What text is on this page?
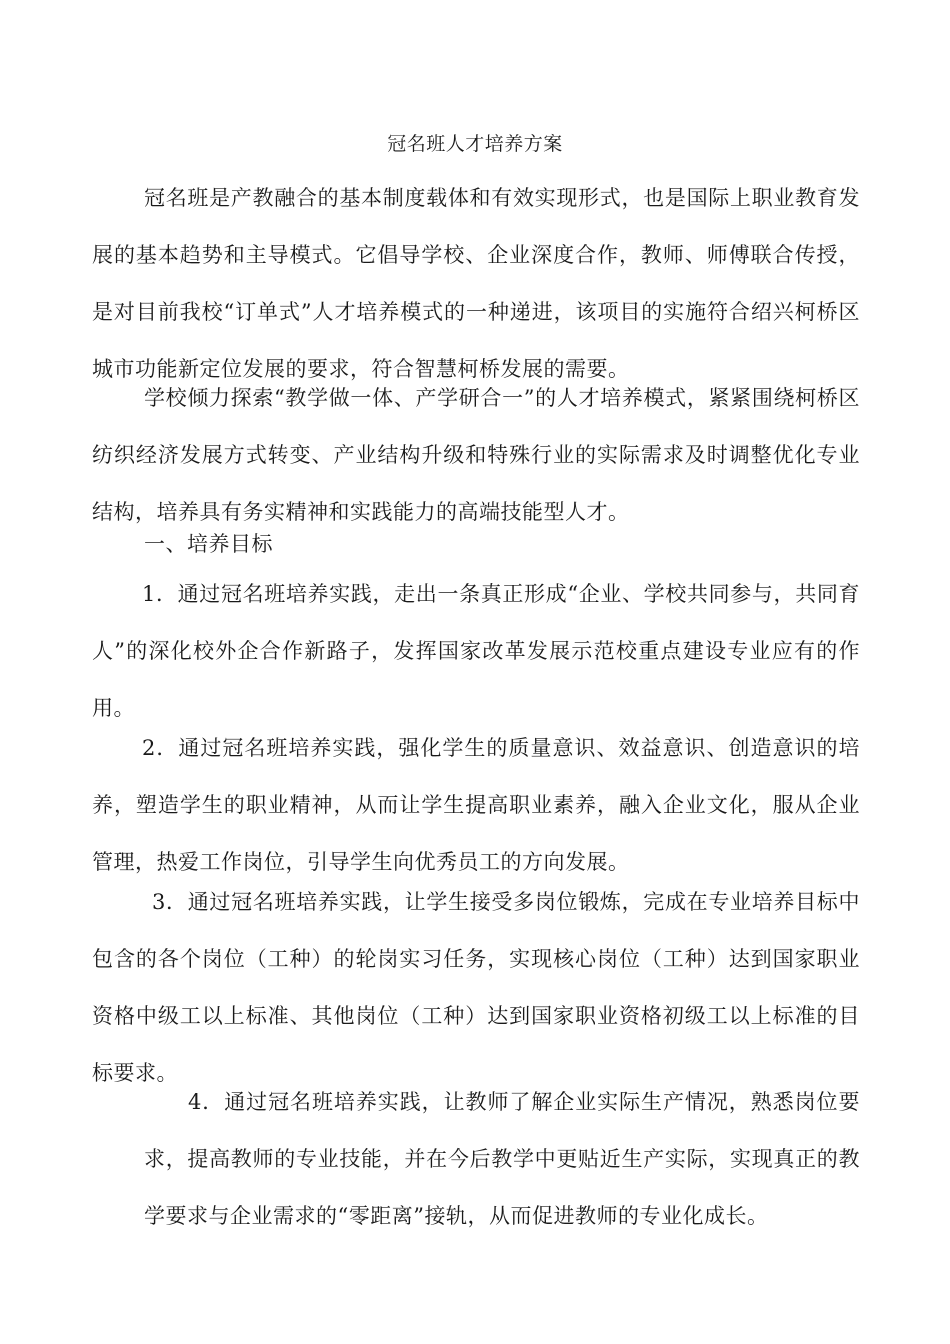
冠名班人才培养方案

冠名班是产教融合的基本制度载体和有效实现形式，也是国际上职业教育发展的基本趋势和主导模式。它倡导学校、企业深度合作，教师、师傅联合传授，是对目前我校“订单式”人才培养模式的一种递进，该项目的实施符合绍兴柯桥区城市功能新定位发展的要求，符合智慧柯桥发展的需要。

学校倾力探索“教学做一体、产学研合一”的人才培养模式，紧紧围绕柯桥区纺织经济发展方式转变、产业结构升级和特殊行业的实际需求及时调整优化专业结构，培养具有务实精神和实践能力的高端技能型人才。

一、培养目标

1．通过冠名班培养实践，走出一条真正形成“企业、学校共同参与，共同育人”的深化校外企合作新路子，发挥国家改革发展示范校重点建设专业应有的作用。

2．通过冠名班培养实践，强化学生的质量意识、效益意识、创造意识的培养，塑造学生的职业精神，从而让学生提高职业素养，融入企业文化，服从企业管理，热爱工作岗位，引导学生向优秀员工的方向发展。

3．通过冠名班培养实践，让学生接受多岗位锻炼，完成在专业培养目标中包含的各个岗位（工种）的轮岗实习任务，实现核心岗位（工种）达到国家职业资格中级工以上标准、其他岗位（工种）达到国家职业资格初级工以上标准的目标要求。

4．通过冠名班培养实践，让教师了解企业实际生产情况，熟悉岗位要求，提高教师的专业技能，并在今后教学中更贴近生产实际，实现真正的教学要求与企业需求的“零距离”接轨，从而促进教师的专业化成长。
